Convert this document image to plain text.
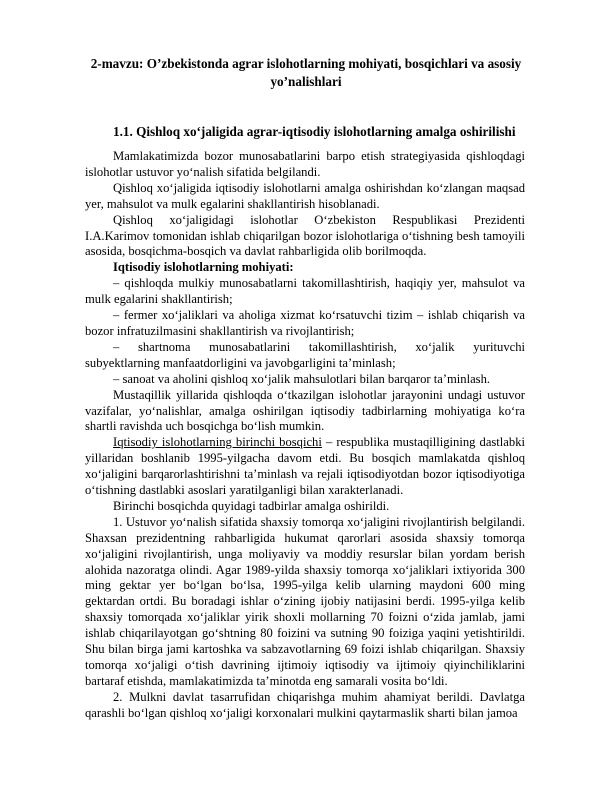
2-mavzu: O’zbekistonda agrar islohotlarning mohiyati, bosqichlari va asosiy yo’nalishlari
1.1. Qishloq xo‘jaligida agrar-iqtisodiy islohotlarning amalga oshirilishi

Mamlakatimizda bozor munosabatlarini barpo etish strategiyasida qishloqdagi islohotlar ustuvor yo‘nalish sifatida belgilandi.

Qishloq xo‘jaligida iqtisodiy islohotlarni amalga oshirishdan ko‘zlangan maqsad yer, mahsulot va mulk egalarini shakllantirish hisoblanadi.

Qishloq xo‘jaligidagi islohotlar O‘zbekiston Respublikasi Prezidenti I.A.Karimov tomonidan ishlab chiqarilgan bozor islohotlariga o‘tishning besh tamoyili asosida, bosqichma-bosqich va davlat rahbarligida olib borilmoqda.

Iqtisodiy islohotlarning mohiyati:

– qishloqda mulkiy munosabatlarni takomillashtirish, haqiqiy yer, mahsulot va mulk egalarini shakllantirish;

– fermer xo‘jaliklari va aholiga xizmat ko‘rsatuvchi tizim – ishlab chiqarish va bozor infratuzilmasini shakllantirish va rivojlantirish;

– shartnoma munosabatlarini takomillashtirish, xo‘jalik yurituvchi subyektlarning manfaatdorligini va javobgarligini ta’minlash;

– sanoat va aholini qishloq xo‘jalik mahsulotlari bilan barqaror ta’minlash.

Mustaqillik yillarida qishloqda o‘tkazilgan islohotlar jarayonini undagi ustuvor vazifalar, yo‘nalishlar, amalga oshirilgan iqtisodiy tadbirlarning mohiyatiga ko‘ra shartli ravishda uch bosqichga bo‘lish mumkin.

Iqtisodiy islohotlarning birinchi bosqichi – respublika mustaqilligining dastlabki yillaridan boshlanib 1995-yilgacha davom etdi. Bu bosqich mamlakatda qishloq xo‘jaligini barqarorlashtirishni ta’minlash va rejali iqtisodiyotdan bozor iqtisodiyotiga o‘tishning dastlabki asoslari yaratilganligi bilan xarakterlanadi.

Birinchi bosqichda quyidagi tadbirlar amalga oshirildi.

1. Ustuvor yo‘nalish sifatida shaxsiy tomorqa xo‘jaligini rivojlantirish belgilandi. Shaxsan prezidentning rahbarligida hukumat qarorlari asosida shaxsiy tomorqa xo‘jaligini rivojlantirish, unga moliyaviy va moddiy resurslar bilan yordam berish alohida nazoratga olindi. Agar 1989-yilda shaxsiy tomorqa xo‘jaliklari ixtiyorida 300 ming gektar yer bo‘lgan bo‘lsa, 1995-yilga kelib ularning maydoni 600 ming gektardan ortdi. Bu boradagi ishlar o‘zining ijobiy natijasini berdi. 1995-yilga kelib shaxsiy tomorqada xo‘jaliklar yirik shoxli mollarning 70 foizni o‘zida jamlab, jami ishlab chiqarilayotgan go‘shtning 80 foizini va sutning 90 foiziga yaqini yetishtirildi. Shu bilan birga jami kartoshka va sabzavotlarning 69 foizi ishlab chiqarilgan. Shaxsiy tomorqa xo‘jaligi o‘tish davrining ijtimoiy iqtisodiy va ijtimoiy qiyinchiliklarini bartaraf etishda, mamlakatimizda ta’minotda eng samarali vosita bo‘ldi.

2. Mulkni davlat tasarrufidan chiqarishga muhim ahamiyat berildi. Davlatga qarashli bo‘lgan qishloq xo‘jaligi korxonalari mulkini qaytarmaslik sharti bilan jamoa
